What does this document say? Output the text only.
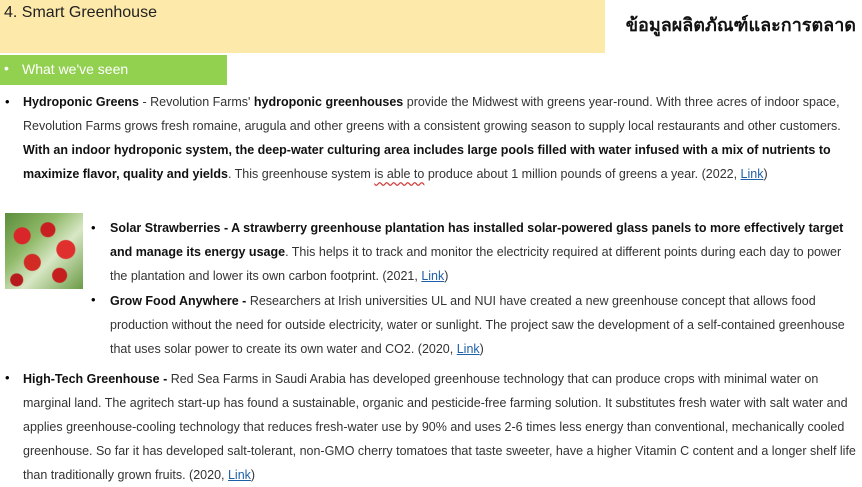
4. Smart Greenhouse
ข้อมูลผลิตภัณฑ์และการตลาด
• What we've seen
• Hydroponic Greens - Revolution Farms' hydroponic greenhouses provide the Midwest with greens year-round. With three acres of indoor space, Revolution Farms grows fresh romaine, arugula and other greens with a consistent growing season to supply local restaurants and other customers. With an indoor hydroponic system, the deep-water culturing area includes large pools filled with water infused with a mix of nutrients to maximize flavor, quality and yields. This greenhouse system is able to produce about 1 million pounds of greens a year. (2022, Link)
• Solar Strawberries - A strawberry greenhouse plantation has installed solar-powered glass panels to more effectively target and manage its energy usage. This helps it to track and monitor the electricity required at different points during each day to power the plantation and lower its own carbon footprint. (2021, Link)
• Grow Food Anywhere - Researchers at Irish universities UL and NUI have created a new greenhouse concept that allows food production without the need for outside electricity, water or sunlight. The project saw the development of a self-contained greenhouse that uses solar power to create its own water and CO2. (2020, Link)
• High-Tech Greenhouse - Red Sea Farms in Saudi Arabia has developed greenhouse technology that can produce crops with minimal water on marginal land. The agritech start-up has found a sustainable, organic and pesticide-free farming solution. It substitutes fresh water with salt water and applies greenhouse-cooling technology that reduces fresh-water use by 90% and uses 2-6 times less energy than conventional, mechanically cooled greenhouse. So far it has developed salt-tolerant, non-GMO cherry tomatoes that taste sweeter, have a higher Vitamin C content and a longer shelf life than traditionally grown fruits. (2020, Link)
